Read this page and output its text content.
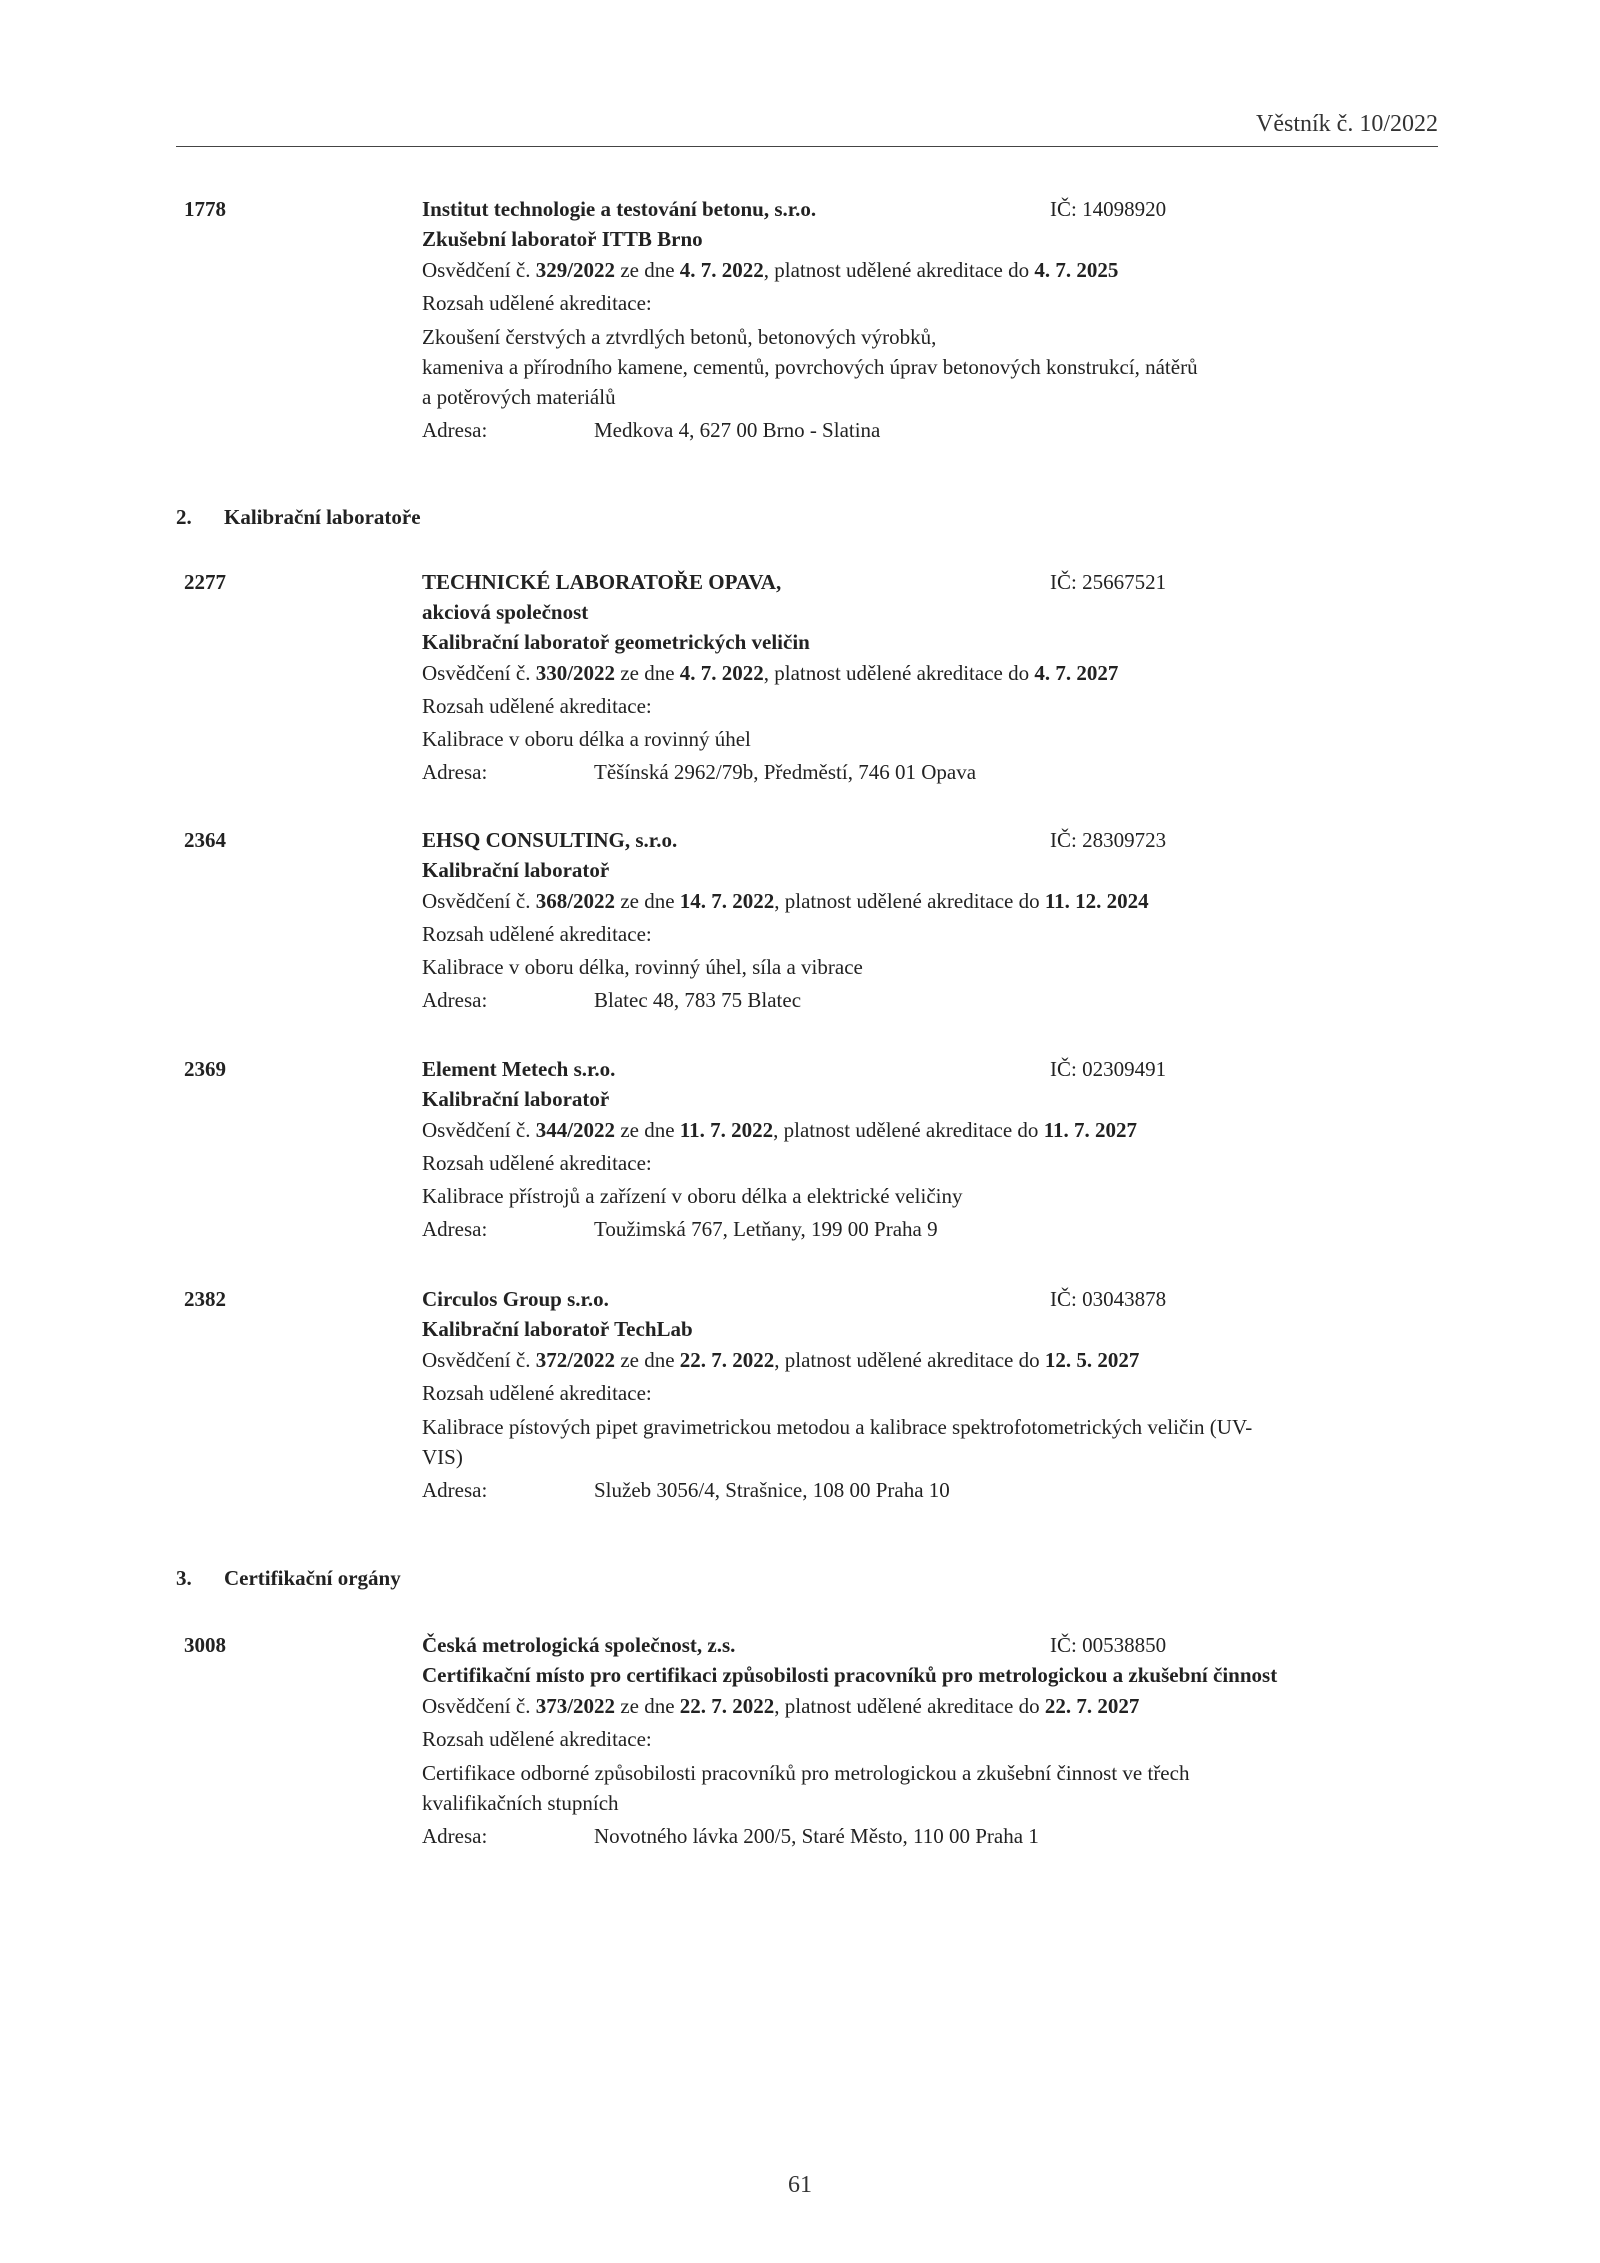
Věstník č. 10/2022
1778	Institut technologie a testování betonu, s.r.o.	IČ: 14098920
Zkušební laboratoř ITTB Brno
Osvědčení č. 329/2022 ze dne 4. 7. 2022, platnost udělené akreditace do 4. 7. 2025
Rozsah udělené akreditace:
Zkoušení čerstvých a ztvrdlých betonů, betonových výrobků,
kameniva a přírodního kamene, cementů, povrchových úprav betonových konstrukcí, nátěrů
a potěrových materiálů
Adresa:	Medkova 4, 627 00 Brno - Slatina
2. Kalibrační laboratoře
2277	TECHNICKÉ LABORATOŘE OPAVA,	IČ: 25667521
akciová společnost
Kalibrační laboratoř geometrických veličin
Osvědčení č. 330/2022 ze dne 4. 7. 2022, platnost udělené akreditace do 4. 7. 2027
Rozsah udělené akreditace:
Kalibrace v oboru délka a rovinný úhel
Adresa:	Těšínská 2962/79b, Předměstí, 746 01 Opava
2364	EHSQ CONSULTING, s.r.o.	IČ: 28309723
Kalibrační laboratoř
Osvědčení č. 368/2022 ze dne 14. 7. 2022, platnost udělené akreditace do 11. 12. 2024
Rozsah udělené akreditace:
Kalibrace v oboru délka, rovinný úhel, síla a vibrace
Adresa:	Blatec 48, 783 75 Blatec
2369	Element Metech s.r.o.	IČ: 02309491
Kalibrační laboratoř
Osvědčení č. 344/2022 ze dne 11. 7. 2022, platnost udělené akreditace do 11. 7. 2027
Rozsah udělené akreditace:
Kalibrace přístrojů a zařízení v oboru délka a elektrické veličiny
Adresa:	Toužimská 767, Letňany, 199 00 Praha 9
2382	Circulos Group s.r.o.	IČ: 03043878
Kalibrační laboratoř TechLab
Osvědčení č. 372/2022 ze dne 22. 7. 2022, platnost udělené akreditace do 12. 5. 2027
Rozsah udělené akreditace:
Kalibrace pístových pipet gravimetrickou metodou a kalibrace spektrofotometrických veličin (UV-
VIS)
Adresa:	Služeb 3056/4, Strašnice, 108 00 Praha 10
3. Certifikační orgány
3008	Česká metrologická společnost, z.s.	IČ: 00538850
Certifikační místo pro certifikaci způsobilosti pracovníků pro metrologickou a zkušební činnost
Osvědčení č. 373/2022 ze dne 22. 7. 2022, platnost udělené akreditace do 22. 7. 2027
Rozsah udělené akreditace:
Certifikace odborné způsobilosti pracovníků pro metrologickou a zkušební činnost ve třech
kvalifikačních stupních
Adresa:	Novotného lávka 200/5, Staré Město, 110 00 Praha 1
61
